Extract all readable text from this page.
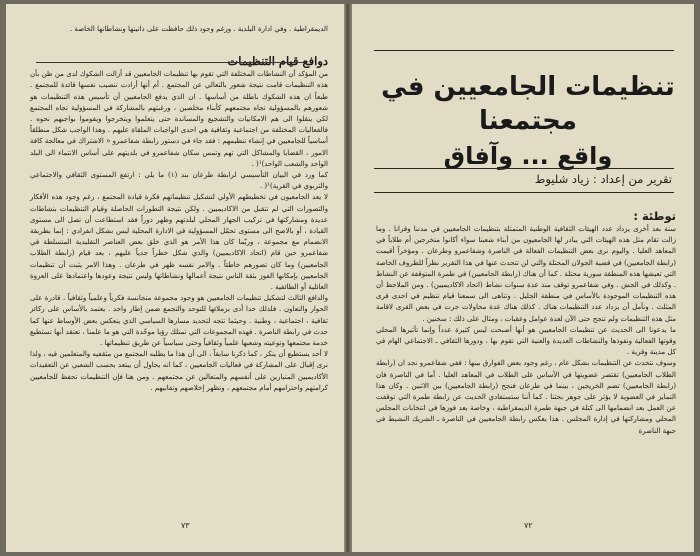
الديمقراطية . وفي ادارة البلدية . ورغم وجود ذلك حافظت على ذاتيتها ونشاطاتها الخاصة .

دوافع قيام التنظيمات

من المؤكد أن النشاطات المختلفة التي تقوم بها تنظيمات الجامعيين قد أزالت الشكوك لدى من ظن بأن هذه التنظيمات قامت نتيجة شعور بالتعالي عن المجتمع . أم أنها أرادت تنصيب نفسها قائدة للمجتمع . طبعاً ان هذه الشكوك باطلة من أساسها . ان الذي يدفع الجامعيين أن تأسيس هذه التنظيمات هو شعورهم بالمسؤولية تجاه مجتمعهم كأبناء مخلصين ، ورغبتهم بالمشاركة في المسؤولية تجاه المجتمع لكي ينقلوا الى هم الامكانيات والتشجيع والمساندة حتى يتعلموا ويتخرجوا ويقوموا بواجبهم نحوه . فالفعاليات المختلفة من اجتماعية وثقافية هي احدى الواجبات الملقاة عليهم . وهذا الواجب شكل منطلقاً أساسياً للجامعيين في إنشاء تنظيمهم : فقد جاء في دستور رابطة شفاعمرو « الاشتراك في معالجة كافة الامور ، القضايا والمشاكل التي تهم وتمس سكان شفاعمرو في بلديتهم على أساس الانتماء الى البلد الواحد والشعب الواحد)¹( .

كما ورد في البيان التأسيسي لرابطة طرعان بند (١) ما يلي : ارتفع المستوى الثقافي والاجتماعي والتربوي في القرية)¹( .

لا يعد الجامعيون في تخطيطهم الأولي لتشكيل تنظيماتهم فكرة قيادة المجتمع ، رغم وجود هذه الأفكار والتصورات التي لم تتقبل من الاكاديميين . ولكن نتيجة التطورات الحاصلة وقيام التنظيمات بنشاطات عديدة ومشاركتها في تركيب الجهاز المحلي لبلدتهم وظهر دوراً فقد استطاعت أن تصل الى مستوى القيادة ، أو بالاصح الى مستوى تحمّل المسؤولية في الادارة المحلية ليس بشكل انفرادي : إنما بطريقة الانضمام مع مجموعة ، وربّما كان هذا الأمر هو الذي خلق بعض العناصر التقليدية المتسلطة في شفاعمرو حين قام (اتحاد الاكاديميين) والذي شكل خطراً جدياً عليهم ، بعد قيام (رابطة الطلاب الجامعيين) وما كان تصورهم خاطئاً . والامر نفسه ظهر في طرعان . وهذا الامر يثبت أن تنظيمات الجامعيين بإمكانها الفوز بثقة الناس نتيجة أعمالها ونشاطاتها وليس نتيجة وعودها واعتمادها على العزوة العائلية أو الطائفية .

والدافع الثالث لتشكيل تنظيمات الجامعيين هو وجود مجموعة متجانسة فكرياً وعلمياً وثقافياً ، قادرة على الحوار والتعاون . فلذلك حدا أدى بزملائها للتوحد والتجمع ضمن إطار واحد . يعتمد بالأساس على ركائز ثقافية ، اجتماعية ، وطنية . وحيثما تتجه لتحديد مسارها السياسي الذي ينعكس بعض الأوساط عنها كما حدث في رابطة الناصرة . فهذه المجموعات التي تمتلك رؤيا موحّدة التي هو ما علمنا ، تعتقد أنها تستطيع خدمة مجتمعها وتوعيته وشعبها علمياً وثقافياً وحتى سياسياً عن طريق تنظيماتها .

لا أحد يستطيع أن ينكر ، كما ذكرنا سابقاً ، الى أن هذا ما يطلبه المجتمع من مثقفيه والمتعلمين فيه ، ولذا نرى إقبال على المشاركة في فعاليات الجامعيين ، كما انه يحاول أن يبتعد بحسب الشعبي عن التعقيدات الأكاديميين المتبارين على أنفسهم والمتعالين عن مجتمعهم . ومن هنا فإن التنظيمات تحفظ للجامعيين كرامتهم واحترامهم أمام مجتمعهم ، وتظهر إخلاصهم وتفانيهم .

٧٣
تنظيمات الجامعيين في مجتمعنا
واقع ... وآفاق
تقرير من إعداد : زياد شليوط
توطئة :

سنة بعد أخرى يزداد عدد الهيئات الثقافية الوطنية المتمثلة بتنظيمات الجامعيين في مدننا وقرانا . وما زالت تقام مثل هذه الهيئات التي يبادر لها الجامعيون من أبناء شعبنا سواء أكانوا متخرجين أم طلاباً في المعاهد العليا . واليوم نرى بعض التنظيمات الفعالة في الناصرة وشفاعمرو وطرعان . ومؤخراً أقيمت (رابطة الجامعيين) في قضية الجولان المحتلة والتي لن تتحدث عنها في هذا التقرير نظراً للظروف الخاصة التي تعيشها هذه المنطقة سورية محتلة . كما أن هناك (رابطة الجامعيين) في طمرة المتوقفة عن النشاط . وكذلك في الجش . وفي شفاعمرو توقف منذ عدة سنوات نشاط (اتحاد الاكاديميين) . ومن الملاحظ أن هذه التنظيمات الموجودة بالأساس في منطقة الجليل . وتناهى الى سمعنا قيام تنظيم في احدى قرى المثلث . ونأمل أن يزداد عدد التنظيمات هناك . كذلك هناك عدة محاولات جرت في بعض القرى لاقامة مثل هذه التنظيمات ولم تنجح حتى الآن لعدة عوامل وعقبات ، ومثال على ذلك : سخنين .

ما يدعونا الى الحديث عن تنظيمات الجامعيين هو أنها أصبحت ليس كثيرة عدداً وإنما تأثيرها المحلي وقوتها الفعالية ونفوذها والنشاطات العديدة والغنية التي تقوم بها ، ودورها الثقافي ـ الاجتماعي الهام في كل مدينة وقرية .

وسوف نتحدث عن التنظيمات بشكل عام ، رغم وجود بعض الفوارق بينها : ففي شفاعمرو نجد ان (رابطة الطلاب الجامعيين) تقتصر عضويتها في الأساس على الطلاب في المعاهد العليا . أما في الناصرة فان (رابطة الجامعيين) تضم الخريجين ، بينما في طرعان فنجح (رابطة الجامعيين) بين الاثنين . وكان هذا التمايز في العضوية لا يؤثر على جوهر بحثنا . كما أننا ستستفادي الحديث عن رابطة طمرة التي توقفت عن العمل بعد انضمامها الى كتلة في جبهة طمرة الديمقراطية ، وخاصة بعد فوزها في انتخابات المجلس المحلي ومشاركتها في إدارة المجلس . هذا يعكس رابطة الجامعيين في الناصرة ـ الشريك النشيط في جبهة الناصرة

٧٢
